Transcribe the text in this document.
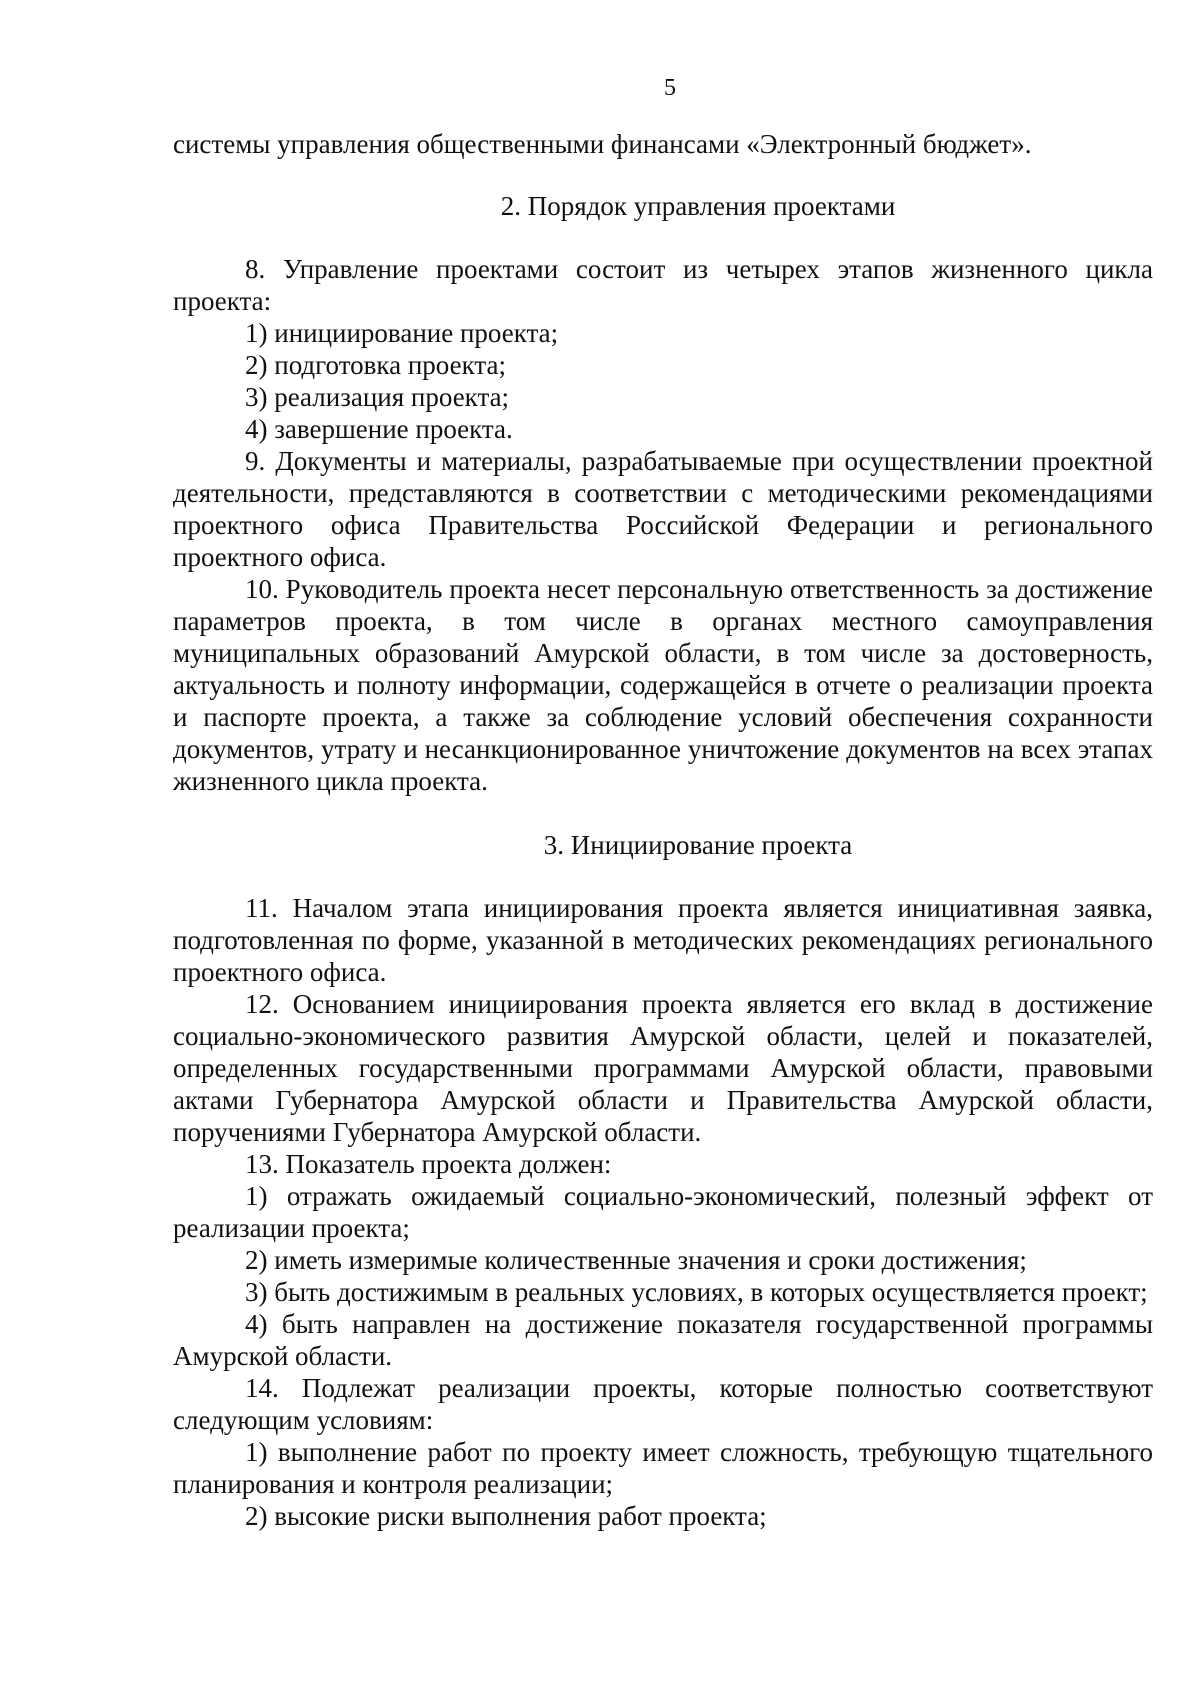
5

системы управления общественными финансами «Электронный бюджет».

2. Порядок управления проектами

8. Управление проектами состоит из четырех этапов жизненного цикла проекта:

1) инициирование проекта;

2) подготовка проекта;

3) реализация проекта;

4) завершение проекта.

9. Документы и материалы, разрабатываемые при осуществлении проектной деятельности, представляются в соответствии с методическими рекомендациями проектного офиса Правительства Российской Федерации и регионального проектного офиса.

10. Руководитель проекта несет персональную ответственность за достижение параметров проекта, в том числе в органах местного самоуправления муниципальных образований Амурской области, в том числе за достоверность, актуальность и полноту информации, содержащейся в отчете о реализации проекта и паспорте проекта, а также за соблюдение условий обеспечения сохранности документов, утрату и несанкционированное уничтожение документов на всех этапах жизненного цикла проекта.

3. Инициирование проекта

11. Началом этапа инициирования проекта является инициативная заявка, подготовленная по форме, указанной в методических рекомендациях регионального проектного офиса.

12. Основанием инициирования проекта является его вклад в достижение социально-экономического развития Амурской области, целей и показателей, определенных государственными программами Амурской области, правовыми актами Губернатора Амурской области и Правительства Амурской области, поручениями Губернатора Амурской области.

13. Показатель проекта должен:

1) отражать ожидаемый социально-экономический, полезный эффект от реализации проекта;

2) иметь измеримые количественные значения и сроки достижения;

3) быть достижимым в реальных условиях, в которых осуществляется проект;

4) быть направлен на достижение показателя государственной программы Амурской области.

14. Подлежат реализации проекты, которые полностью соответствуют следующим условиям:

1) выполнение работ по проекту имеет сложность, требующую тщательного планирования и контроля реализации;

2) высокие риски выполнения работ проекта;
